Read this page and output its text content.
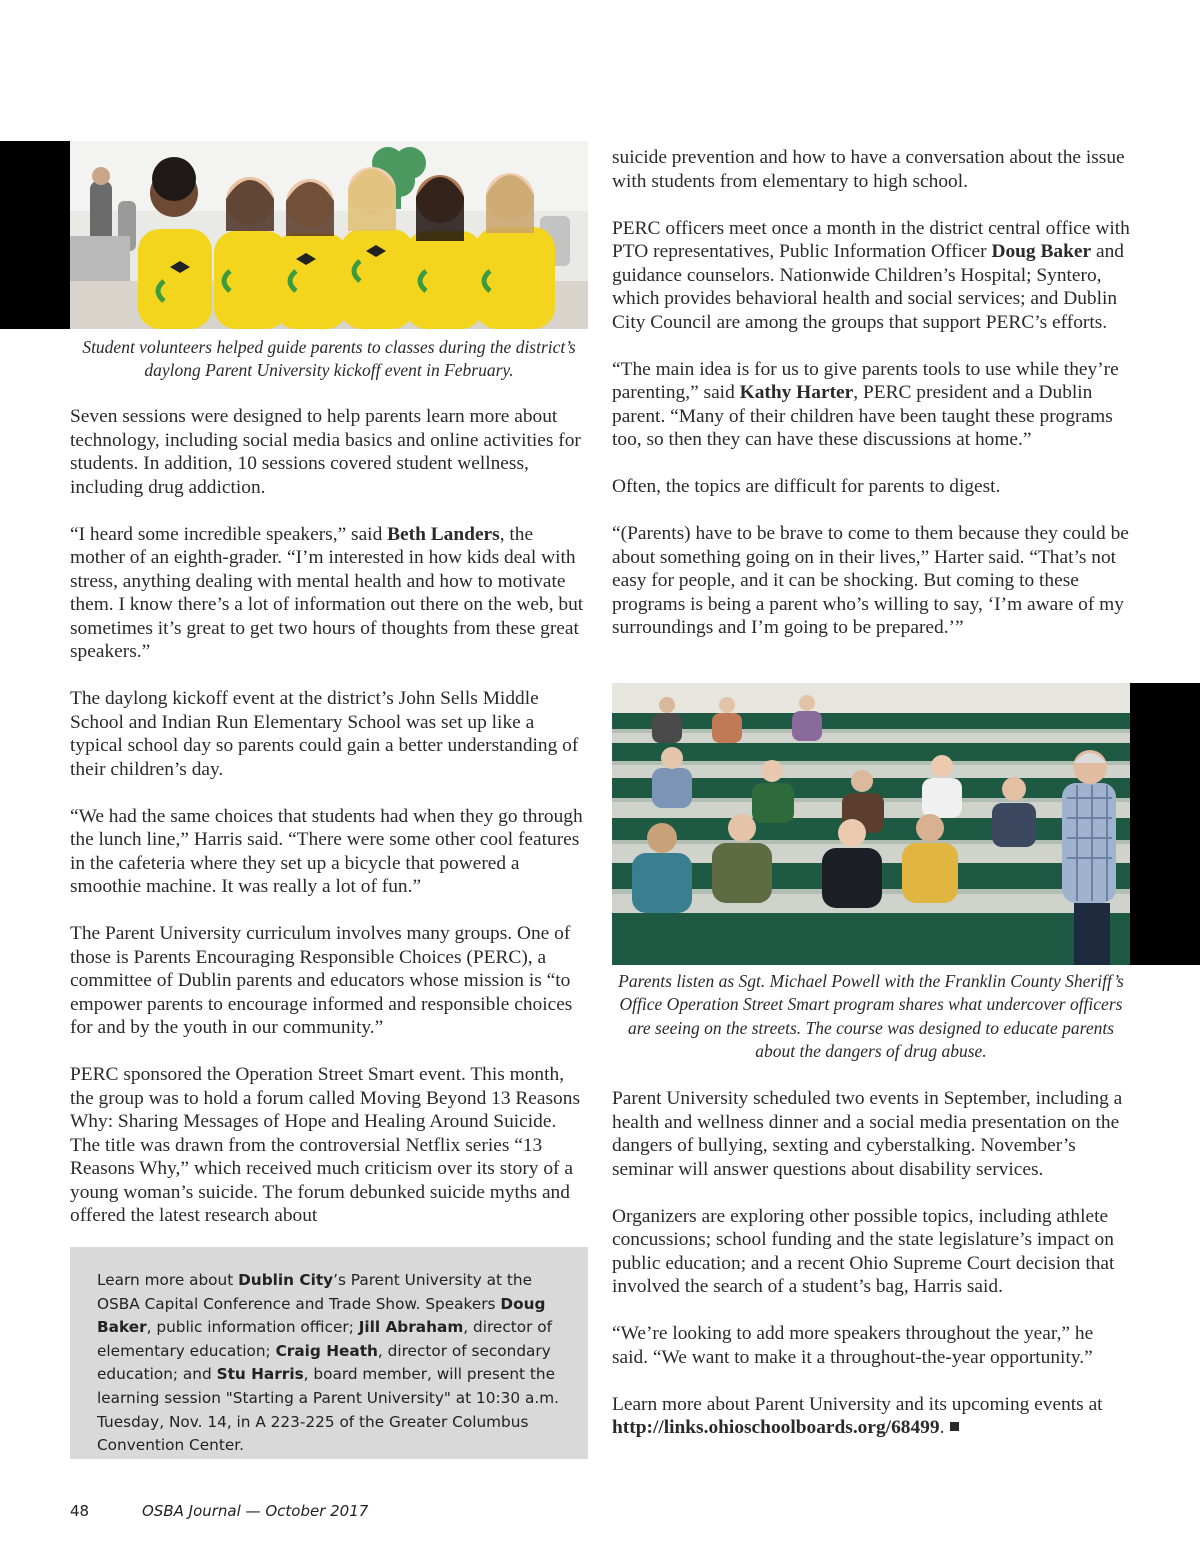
Student volunteers helped guide parents to classes during the district’s daylong Parent University kickoff event in February.

Seven sessions were designed to help parents learn more about technology, including social media basics and online activities for students. In addition, 10 sessions covered student wellness, including drug addiction.

“I heard some incredible speakers,” said Beth Landers, the mother of an eighth-grader. “I’m interested in how kids deal with stress, anything dealing with mental health and how to motivate them. I know there’s a lot of information out there on the web, but sometimes it’s great to get two hours of thoughts from these great speakers.”

The daylong kickoff event at the district’s John Sells Middle School and Indian Run Elementary School was set up like a typical school day so parents could gain a better understanding of their children’s day.

“We had the same choices that students had when they go through the lunch line,” Harris said. “There were some other cool features in the cafeteria where they set up a bicycle that powered a smoothie machine. It was really a lot of fun.”

The Parent University curriculum involves many groups. One of those is Parents Encouraging Responsible Choices (PERC), a committee of Dublin parents and educators whose mission is “to empower parents to encourage informed and responsible choices for and by the youth in our community.”

PERC sponsored the Operation Street Smart event. This month, the group was to hold a forum called Moving Beyond 13 Reasons Why: Sharing Messages of Hope and Healing Around Suicide. The title was drawn from the controversial Netflix series “13 Reasons Why,” which received much criticism over its story of a young woman’s suicide. The forum debunked suicide myths and offered the latest research about

Learn more about Dublin City’s Parent University at the OSBA Capital Conference and Trade Show. Speakers Doug Baker, public information officer; Jill Abraham, director of elementary education; Craig Heath, director of secondary education; and Stu Harris, board member, will present the learning session "Starting a Parent University" at 10:30 a.m. Tuesday, Nov. 14, in A 223-225 of the Greater Columbus Convention Center.

suicide prevention and how to have a conversation about the issue with students from elementary to high school.

PERC officers meet once a month in the district central office with PTO representatives, Public Information Officer Doug Baker and guidance counselors. Nationwide Children’s Hospital; Syntero, which provides behavioral health and social services; and Dublin City Council are among the groups that support PERC’s efforts.

“The main idea is for us to give parents tools to use while they’re parenting,” said Kathy Harter, PERC president and a Dublin parent. “Many of their children have been taught these programs too, so then they can have these discussions at home.”

Often, the topics are difficult for parents to digest.

“(Parents) have to be brave to come to them because they could be about something going on in their lives,” Harter said. “That’s not easy for people, and it can be shocking. But coming to these programs is being a parent who’s willing to say, ‘I’m aware of my surroundings and I’m going to be prepared.’”

Parents listen as Sgt. Michael Powell with the Franklin County Sheriff’s Office Operation Street Smart program shares what undercover officers are seeing on the streets. The course was designed to educate parents about the dangers of drug abuse.

Parent University scheduled two events in September, including a health and wellness dinner and a social media presentation on the dangers of bullying, sexting and cyberstalking. November’s seminar will answer questions about disability services.

Organizers are exploring other possible topics, including athlete concussions; school funding and the state legislature’s impact on public education; and a recent Ohio Supreme Court decision that involved the search of a student’s bag, Harris said.

“We’re looking to add more speakers throughout the year,” he said. “We want to make it a throughout-the-year opportunity.”

Learn more about Parent University and its upcoming events at http://links.ohioschoolboards.org/68499.

48	OSBA Journal — October 2017
